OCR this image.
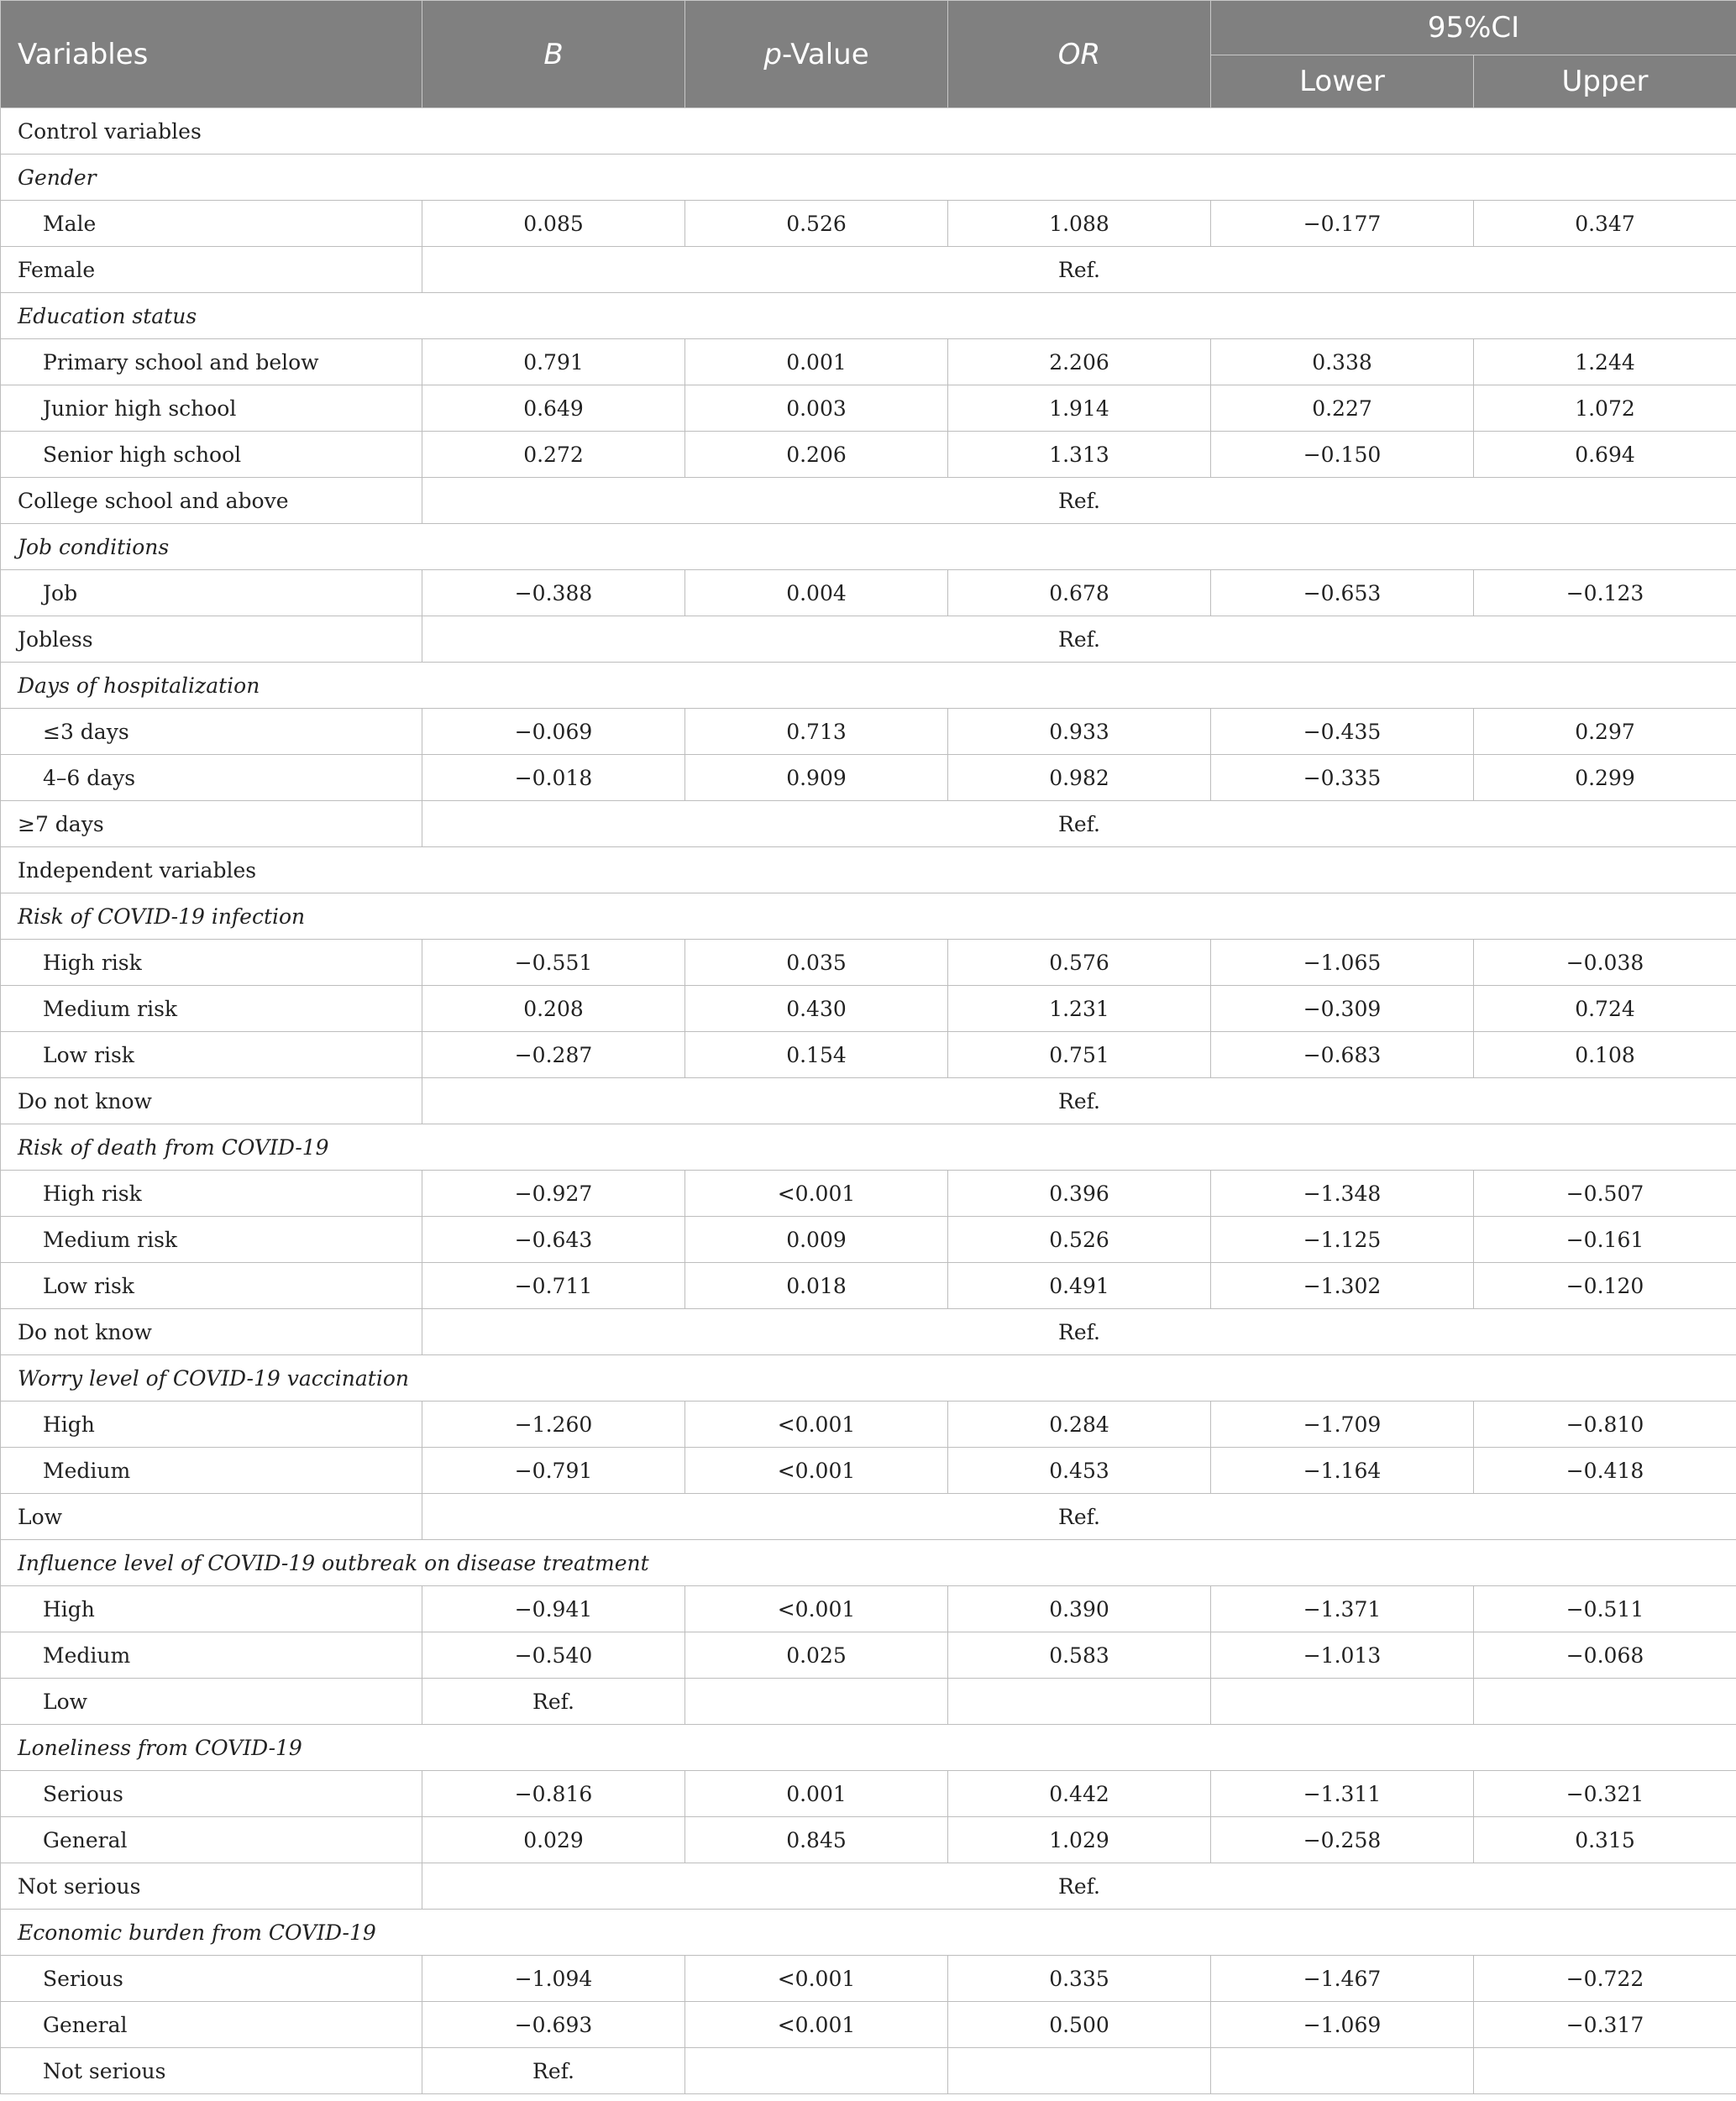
Variables	B	p-Value	OR	95%CI	
				Lower	Upper
Control variables					
Gender					
Male	0.085	0.526	1.088	−0.177	0.347
Female	Ref.				
Education status					
Primary school and below	0.791	0.001	2.206	0.338	1.244
Junior high school	0.649	0.003	1.914	0.227	1.072
Senior high school	0.272	0.206	1.313	−0.150	0.694
College school and above	Ref.				
Job conditions					
Job	−0.388	0.004	0.678	−0.653	−0.123
Jobless	Ref.				
Days of hospitalization					
≤3 days	−0.069	0.713	0.933	−0.435	0.297
4–6 days	−0.018	0.909	0.982	−0.335	0.299
≥7 days	Ref.				
Independent variables					
Risk of COVID-19 infection					
High risk	−0.551	0.035	0.576	−1.065	−0.038
Medium risk	0.208	0.430	1.231	−0.309	0.724
Low risk	−0.287	0.154	0.751	−0.683	0.108
Do not know	Ref.				
Risk of death from COVID-19					
High risk	−0.927	<0.001	0.396	−1.348	−0.507
Medium risk	−0.643	0.009	0.526	−1.125	−0.161
Low risk	−0.711	0.018	0.491	−1.302	−0.120
Do not know	Ref.				
Worry level of COVID-19 vaccination					
High	−1.260	<0.001	0.284	−1.709	−0.810
Medium	−0.791	<0.001	0.453	−1.164	−0.418
Low	Ref.				
Influence level of COVID-19 outbreak on disease treatment					
High	−0.941	<0.001	0.390	−1.371	−0.511
Medium	−0.540	0.025	0.583	−1.013	−0.068
Low	Ref.				
Loneliness from COVID-19					
Serious	−0.816	0.001	0.442	−1.311	−0.321
General	0.029	0.845	1.029	−0.258	0.315
Not serious	Ref.				
Economic burden from COVID-19					
Serious	−1.094	<0.001	0.335	−1.467	−0.722
General	−0.693	<0.001	0.500	−1.069	−0.317
Not serious	Ref.				
